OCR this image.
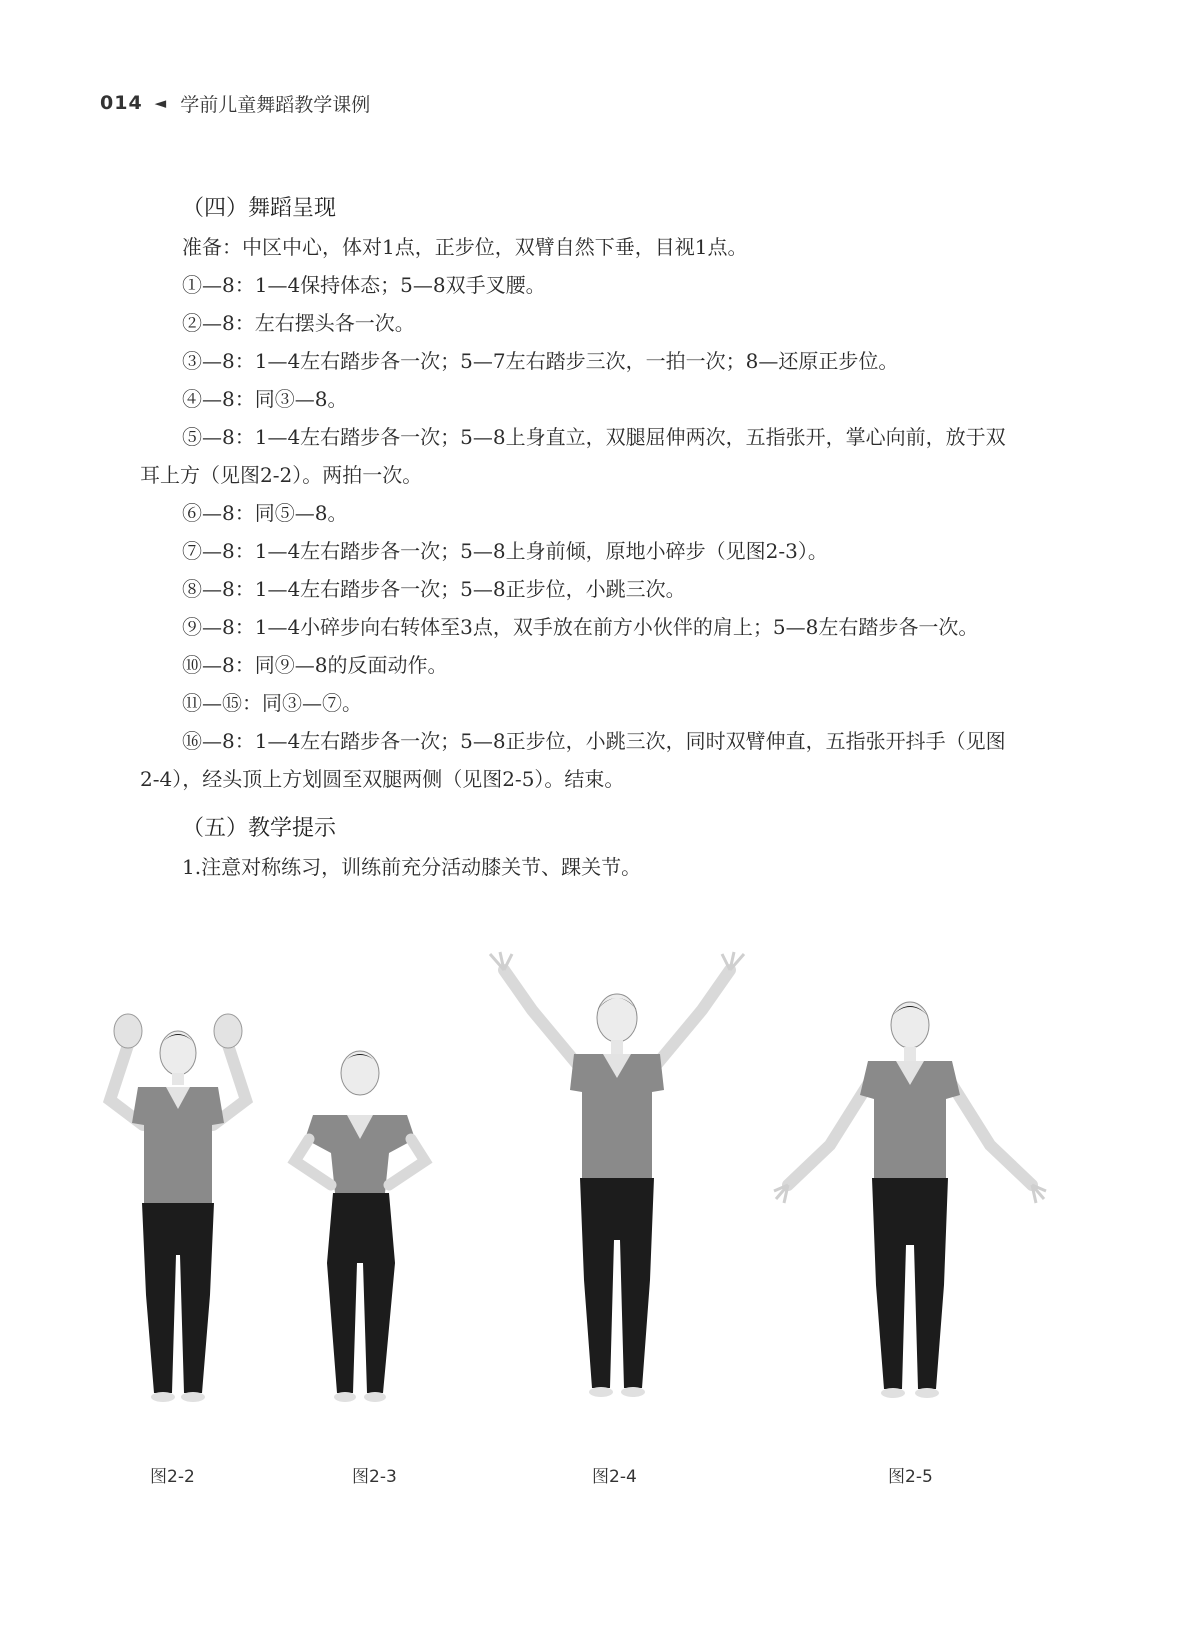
014 ◄ 学前儿童舞蹈教学课例
（四）舞蹈呈现

准备：中区中心，体对1点，正步位，双臂自然下垂，目视1点。

①—8：1—4保持体态；5—8双手叉腰。

②—8：左右摆头各一次。

③—8：1—4左右踏步各一次；5—7左右踏步三次，一拍一次；8—还原正步位。

④—8：同③—8。

⑤—8：1—4左右踏步各一次；5—8上身直立，双腿屈伸两次，五指张开，掌心向前，放于双耳上方（见图2-2）。两拍一次。

⑥—8：同⑤—8。

⑦—8：1—4左右踏步各一次；5—8上身前倾，原地小碎步（见图2-3）。

⑧—8：1—4左右踏步各一次；5—8正步位，小跳三次。

⑨—8：1—4小碎步向右转体至3点，双手放在前方小伙伴的肩上；5—8左右踏步各一次。

⑩—8：同⑨—8的反面动作。

⑪—⑮：同③—⑦。

⑯—8：1—4左右踏步各一次；5—8正步位，小跳三次，同时双臂伸直，五指张开抖手（见图2-4），经头顶上方划圆至双腿两侧（见图2-5）。结束。

（五）教学提示

1.注意对称练习，训练前充分活动膝关节、踝关节。

图2-2	图2-3	图2-4	图2-5
